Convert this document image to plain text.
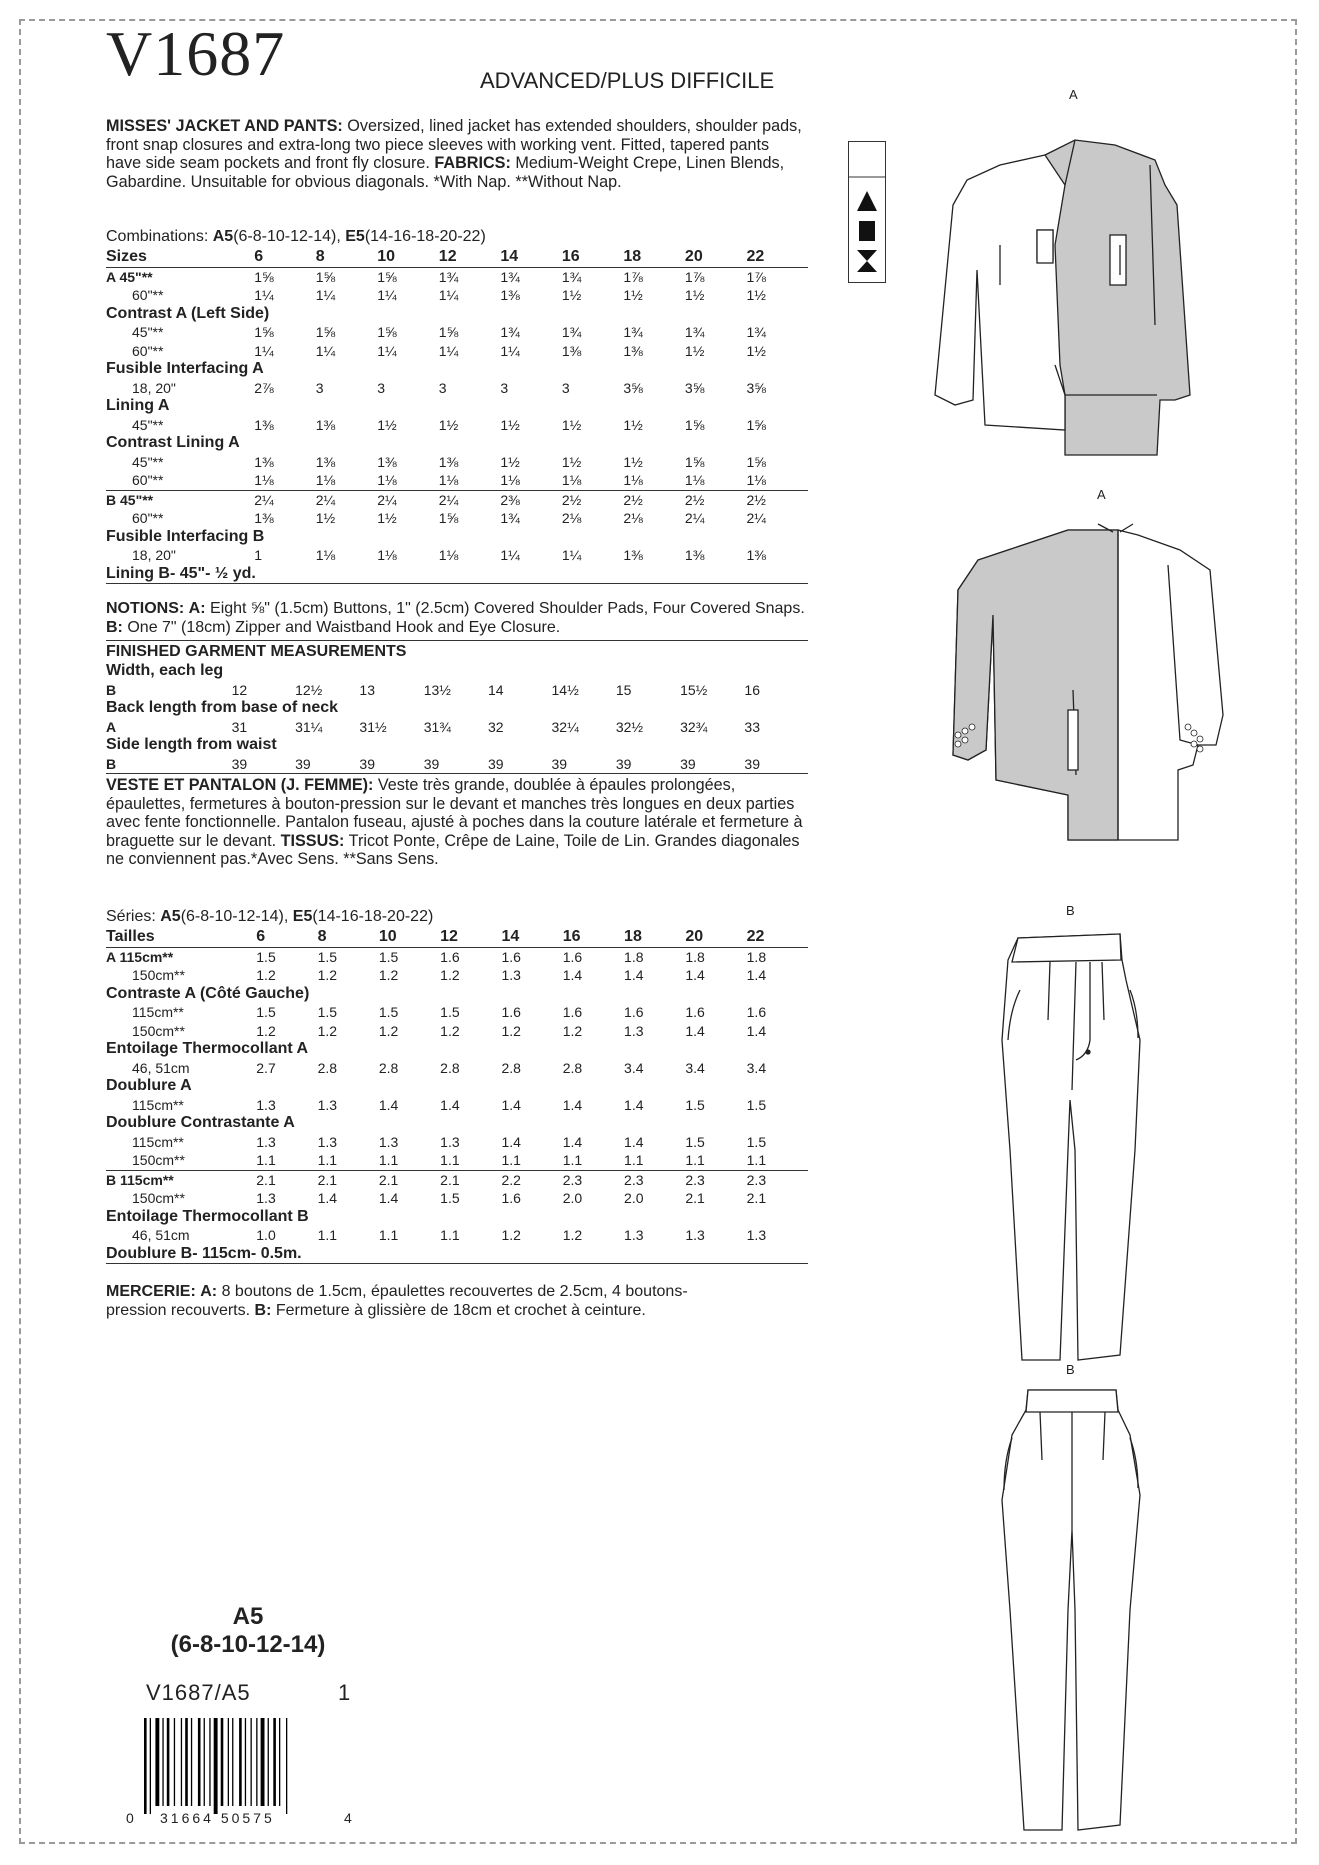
V1687	ADVANCED/PLUS DIFFICILE
MISSES' JACKET AND PANTS: Oversized, lined jacket has extended shoulders, shoulder pads, front snap closures and extra-long two piece sleeves with working vent. Fitted, tapered pants have side seam pockets and front fly closure. FABRICS: Medium-Weight Crepe, Linen Blends, Gabardine. Unsuitable for obvious diagonals. *With Nap. **Without Nap.
Combinations: A5(6-8-10-12-14), E5(14-16-18-20-22)
Sizes	6	8	10	12	14	16	18	20	22
A 45"**	1⅝	1⅝	1⅝	1¾	1¾	1¾	1⅞	1⅞	1⅞
60"**	1¼	1¼	1¼	1¼	1⅜	1½	1½	1½	1½
Contrast A (Left Side)									
45"**	1⅝	1⅝	1⅝	1⅝	1¾	1¾	1¾	1¾	1¾
60"**	1¼	1¼	1¼	1¼	1¼	1⅜	1⅜	1½	1½
Fusible Interfacing A									
18, 20"	2⅞	3	3	3	3	3	3⅝	3⅝	3⅝
Lining A									
45"**	1⅜	1⅜	1½	1½	1½	1½	1½	1⅝	1⅝
Contrast Lining A									
45"**	1⅜	1⅜	1⅜	1⅜	1½	1½	1½	1⅝	1⅝
60"**	1⅛	1⅛	1⅛	1⅛	1⅛	1⅛	1⅛	1⅛	1⅛
B 45"**	2¼	2¼	2¼	2¼	2⅜	2½	2½	2½	2½
60"**	1⅜	1½	1½	1⅝	1¾	2⅛	2⅛	2¼	2¼
Fusible Interfacing B									
18, 20"	1	1⅛	1⅛	1⅛	1¼	1¼	1⅜	1⅜	1⅜
Lining B- 45"- ½ yd.									
NOTIONS: A: Eight ⅝" (1.5cm) Buttons, 1" (2.5cm) Covered Shoulder Pads, Four Covered Snaps. B: One 7" (18cm) Zipper and Waistband Hook and Eye Closure.
FINISHED GARMENT MEASUREMENTS
Width, each leg									
B	12	12½	13	13½	14	14½	15	15½	16
Back length from base of neck									
A	31	31¼	31½	31¾	32	32¼	32½	32¾	33
Side length from waist									
B	39	39	39	39	39	39	39	39	39
VESTE ET PANTALON (J. FEMME): Veste très grande, doublée à épaules prolongées, épaulettes, fermetures à bouton-pression sur le devant et manches très longues en deux parties avec fente fonctionnelle. Pantalon fuseau, ajusté à poches dans la couture latérale et fermeture à braguette sur le devant. TISSUS: Tricot Ponte, Crêpe de Laine, Toile de Lin. Grandes diagonales ne conviennent pas.*Avec Sens. **Sans Sens.
Séries: A5(6-8-10-12-14), E5(14-16-18-20-22)
Tailles	6	8	10	12	14	16	18	20	22
A 115cm**	1.5	1.5	1.5	1.6	1.6	1.6	1.8	1.8	1.8
150cm**	1.2	1.2	1.2	1.2	1.3	1.4	1.4	1.4	1.4
Contraste A (Côté Gauche)									
115cm**	1.5	1.5	1.5	1.5	1.6	1.6	1.6	1.6	1.6
150cm**	1.2	1.2	1.2	1.2	1.2	1.2	1.3	1.4	1.4
Entoilage Thermocollant A									
46, 51cm	2.7	2.8	2.8	2.8	2.8	2.8	3.4	3.4	3.4
Doublure A									
115cm**	1.3	1.3	1.4	1.4	1.4	1.4	1.4	1.5	1.5
Doublure Contrastante A									
115cm**	1.3	1.3	1.3	1.3	1.4	1.4	1.4	1.5	1.5
150cm**	1.1	1.1	1.1	1.1	1.1	1.1	1.1	1.1	1.1
B 115cm**	2.1	2.1	2.1	2.1	2.2	2.3	2.3	2.3	2.3
150cm**	1.3	1.4	1.4	1.5	1.6	2.0	2.0	2.1	2.1
Entoilage Thermocollant B									
46, 51cm	1.0	1.1	1.1	1.1	1.2	1.2	1.3	1.3	1.3
Doublure B- 115cm- 0.5m.									
MERCERIE: A: 8 boutons de 1.5cm, épaulettes recouvertes de 2.5cm, 4 boutons-pression recouverts. B: Fermeture à glissière de 18cm et crochet à ceinture.
A5
(6-8-10-12-14)
V1687/A5	1
0 31664 50575	4
A
A
B
B
